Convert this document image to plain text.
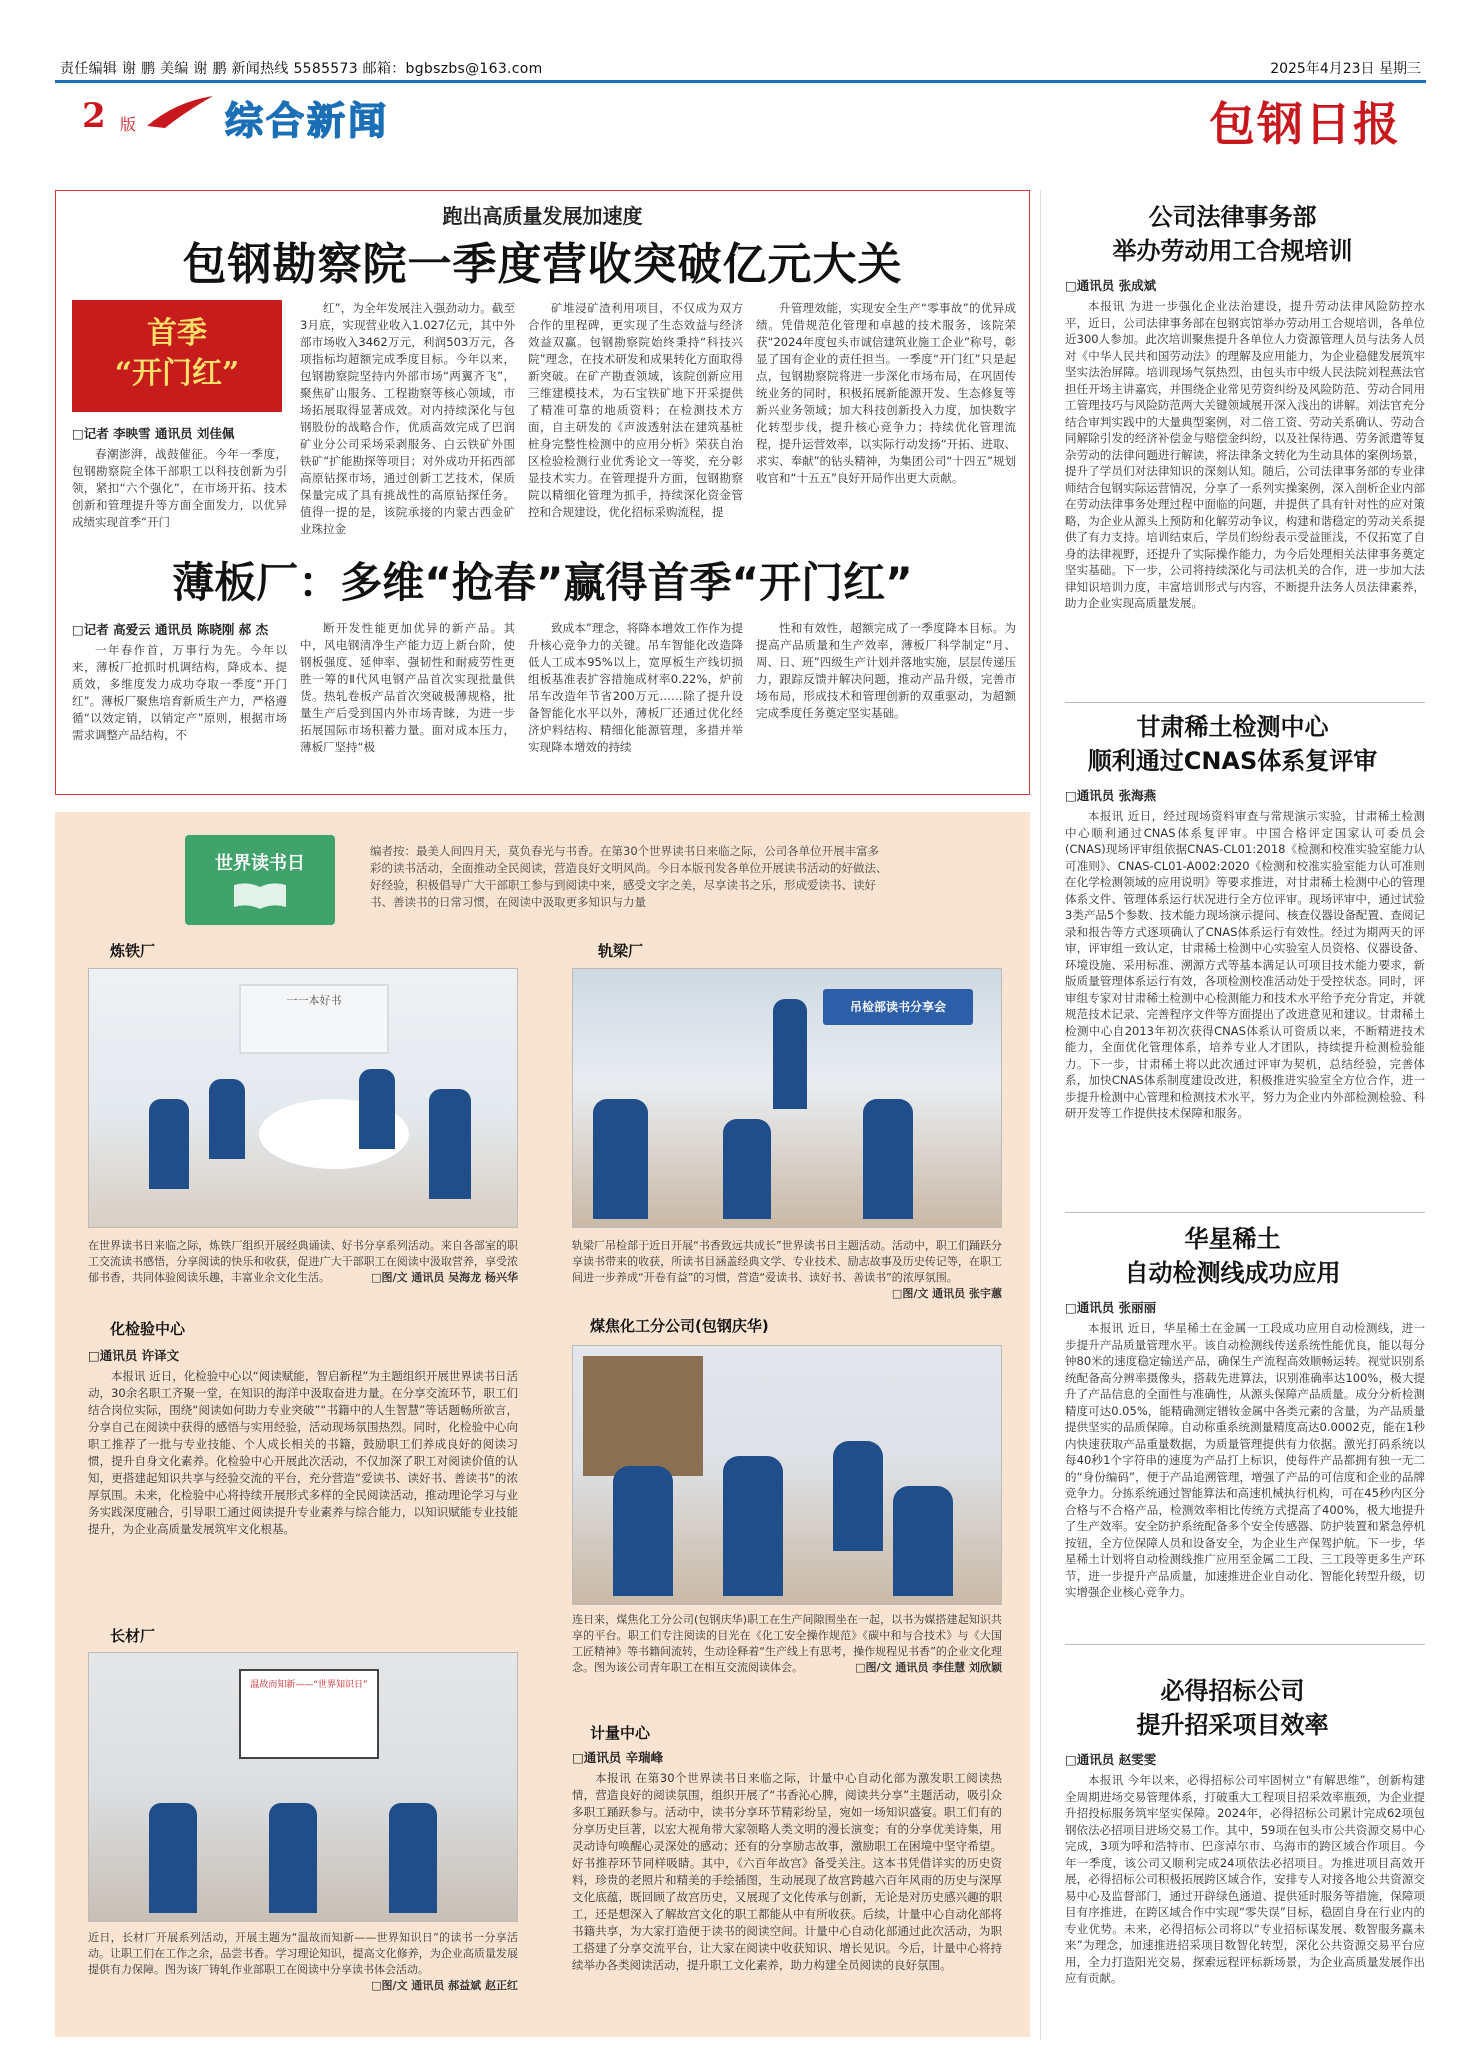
责任编辑 谢 鹏 美编 谢 鹏 新闻热线 5585573 邮箱：bgbszbs@163.com	2025年4月23日 星期三
2 版 综合新闻	包钢日报
跑出高质量发展加速度
包钢勘察院一季度营收突破亿元大关
首季
“开门红”
□记者 李映雪 通讯员 刘佳佩
春潮澎湃，战鼓催征。今年一季度，包钢勘察院全体干部职工以科技创新为引领，紧扣“六个强化”，在市场开拓、技术创新和管理提升等方面全面发力，以优异成绩实现首季“开门
红”，为全年发展注入强劲动力。截至3月底，实现营业收入1.027亿元，其中外部市场收入3462万元，利润503万元，各项指标均超额完成季度目标。今年以来，包钢勘察院坚持内外部市场“两翼齐飞”，聚焦矿山服务、工程勘察等核心领域，市场拓展取得显著成效。对内持续深化与包钢股份的战略合作，优质高效完成了巴润矿业分公司采场采剥服务、白云铁矿外围铁矿“扩能勘探等项目；对外成功开拓西部高原钻探市场，通过创新工艺技术，保质保量完成了具有挑战性的高原钻探任务。值得一提的是，该院承接的内蒙古西金矿业珠拉金
矿堆浸矿渣利用项目，不仅成为双方合作的里程碑，更实现了生态效益与经济效益双赢。包钢勘察院始终秉持“科技兴院”理念，在技术研发和成果转化方面取得新突破。在矿产勘查领域，该院创新应用三维建模技术，为石宝铁矿地下开采提供了精准可靠的地质资料；在检测技术方面，自主研发的《声波透射法在建筑基桩桩身完整性检测中的应用分析》荣获自治区检验检测行业优秀论文一等奖，充分彰显技术实力。在管理提升方面，包钢勘察院以精细化管理为抓手，持续深化资金管控和合规建设，优化招标采购流程，提
升管理效能，实现安全生产“零事故”的优异成绩。凭借规范化管理和卓越的技术服务，该院荣获“2024年度包头市诚信建筑业施工企业”称号，彰显了国有企业的责任担当。一季度“开门红”只是起点，包钢勘察院将进一步深化市场布局，在巩固传统业务的同时，积极拓展新能源开发、生态修复等新兴业务领域；加大科技创新投入力度，加快数字化转型步伐，提升核心竞争力；持续优化管理流程，提升运营效率，以实际行动发扬“开拓、进取、求实、奉献”的钻头精神，为集团公司“十四五”规划收官和“十五五”良好开局作出更大贡献。
薄板厂：多维“抢春”赢得首季“开门红”
□记者 高爱云 通讯员 陈晓刚 郝 杰
一年春作首，万事行为先。今年以来，薄板厂抢抓时机调结构，降成本、提质效，多维度发力成功夺取一季度“开门红”。薄板厂聚焦培育新质生产力，严格遵循“以效定销，以销定产”原则，根据市场需求调整产品结构，不
断开发性能更加优异的新产品。其中，风电钢清净生产能力迈上新台阶，使钢板强度、延伸率、强韧性和耐疲劳性更胜一筹的Ⅱ代风电钢产品首次实现批量供货。热轧卷板产品首次突破极薄规格，批量生产后受到国内外市场青睐，为进一步拓展国际市场积蓄力量。面对成本压力，薄板厂坚持“极
致成本”理念，将降本增效工作作为提升核心竞争力的关键。吊车智能化改造降低人工成本95%以上，宽厚板生产线切损组板基准表扩容措施成材率0.22%，炉前吊车改造年节省200万元……除了提升设备智能化水平以外，薄板厂还通过优化经济炉料结构、精细化能源管理，多措并举实现降本增效的持续
性和有效性，超额完成了一季度降本目标。为提高产品质量和生产效率，薄板厂科学制定“月、周、日、班”四级生产计划并落地实施，层层传递压力，跟踪反馈并解决问题，推动产品升级，完善市场布局，形成技术和管理创新的双重驱动，为超额完成季度任务奠定坚实基础。
世界读书日
编者按：最美人间四月天，莫负春光与书香。在第30个世界读书日来临之际，公司各单位开展丰富多彩的读书活动，全面推动全民阅读，营造良好文明风尚。今日本版刊发各单位开展读书活动的好做法、好经验，积极倡导广大干部职工参与到阅读中来，感受文字之美，尽享读书之乐，形成爱读书、读好书、善读书的日常习惯，在阅读中汲取更多知识与力量
炼铁厂
一一本好书
在世界读书日来临之际，炼铁厂组织开展经典诵读、好书分享系列活动。来自各部室的职工交流读书感悟，分享阅读的快乐和收获，促进广大干部职工在阅读中汲取营养，享受浓郁书香，共同体验阅读乐趣，丰富业余文化生活。	□图/文 通讯员 吴海龙 杨兴华
轨梁厂
吊检部读书分享会
轨梁厂吊检部于近日开展“书香致远共成长”世界读书日主题活动。活动中，职工们踊跃分享读书带来的收获，所读书目涵盖经典文学、专业技术、励志故事及历史传记等，在职工间进一步养成“开卷有益”的习惯，营造“爱读书、读好书、善读书”的浓厚氛围。
□图/文 通讯员 张宇蕙
化检验中心
□通讯员 许译文
本报讯 近日，化检验中心以“阅读赋能，智启新程”为主题组织开展世界读书日活动，30余名职工齐聚一堂，在知识的海洋中汲取奋进力量。在分享交流环节，职工们结合岗位实际，围绕“阅读如何助力专业突破”“书籍中的人生智慧”等话题畅所欲言，分享自己在阅读中获得的感悟与实用经验，活动现场氛围热烈。同时，化检验中心向职工推荐了一批与专业技能、个人成长相关的书籍，鼓励职工们养成良好的阅读习惯，提升自身文化素养。化检验中心开展此次活动，不仅加深了职工对阅读价值的认知，更搭建起知识共享与经验交流的平台，充分营造“爱读书、读好书、善读书”的浓厚氛围。未来，化检验中心将持续开展形式多样的全民阅读活动，推动理论学习与业务实践深度融合，引导职工通过阅读提升专业素养与综合能力，以知识赋能专业技能提升，为企业高质量发展筑牢文化根基。
长材厂
温故而知新——“世界知识日”
近日，长材厂开展系列活动，开展主题为“温故而知新——世界知识日”的读书一分享活动。让职工们在工作之余，品尝书香。学习理论知识，提高文化修养，为企业高质量发展提供有力保障。图为该厂铸轧作业部职工在阅读中分享读书体会活动。
□图/文 通讯员 郝益斌 赵正红
煤焦化工分公司(包钢庆华)
连日来，煤焦化工分公司(包钢庆华)职工在生产间隙围坐在一起，以书为媒搭建起知识共享的平台。职工们专注阅读的目光在《化工安全操作规范》《碳中和与合技术》与《大国工匠精神》等书籍间流转，生动诠释着“生产线上有思考，操作规程见书香”的企业文化理念。图为该公司青年职工在相互交流阅读体会。	□图/文 通讯员 李佳慧 刘欣颖
计量中心
□通讯员 辛瑞峰
本报讯 在第30个世界读书日来临之际，计量中心自动化部为激发职工阅读热情，营造良好的阅读氛围，组织开展了“书香沁心脾，阅读共分享”主题活动，吸引众多职工踊跃参与。活动中，读书分享环节精彩纷呈，宛如一场知识盛宴。职工们有的分享历史巨著，以宏大视角带大家领略人类文明的漫长演变；有的分享优美诗集，用灵动诗句唤醒心灵深处的感动；还有的分享励志故事，激励职工在困境中坚守希望。好书推荐环节同样吸睛。其中，《六百年故宫》备受关注。这本书凭借详实的历史资料，珍贵的老照片和精美的手绘插图，生动展现了故宫跨越六百年风雨的历史与深厚文化底蕴，既回顾了故宫历史，又展现了文化传承与创新，无论是对历史感兴趣的职工，还是想深入了解故宫文化的职工都能从中有所收获。后续，计量中心自动化部将书籍共享，为大家打造便于读书的阅读空间。计量中心自动化部通过此次活动，为职工搭建了分享交流平台，让大家在阅读中收获知识、增长见识。今后，计量中心将持续举办各类阅读活动，提升职工文化素养，助力构建全员阅读的良好氛围。
公司法律事务部
举办劳动用工合规培训
□通讯员 张成斌
本报讯 为进一步强化企业法治建设，提升劳动法律风险防控水平，近日，公司法律事务部在包钢宾馆举办劳动用工合规培训，各单位近300人参加。此次培训聚焦提升各单位人力资源管理人员与法务人员对《中华人民共和国劳动法》的理解及应用能力，为企业稳健发展筑牢坚实法治屏障。培训现场气氛热烈，由包头市中级人民法院刘程燕法官担任开场主讲嘉宾，并围绕企业常见劳资纠纷及风险防范、劳动合同用工管理技巧与风险防范两大关键领域展开深入浅出的讲解。刘法官充分结合审判实践中的大量典型案例，对二倍工资、劳动关系确认、劳动合同解除引发的经济补偿金与赔偿金纠纷，以及社保待遇、劳务派遣等复杂劳动的法律问题进行解读，将法律条文转化为生动具体的案例场景，提升了学员们对法律知识的深刻认知。随后，公司法律事务部的专业律师结合包钢实际运营情况，分享了一系列实操案例，深入剖析企业内部在劳动法律事务处理过程中面临的问题，并提供了具有针对性的应对策略，为企业从源头上预防和化解劳动争议，构建和谐稳定的劳动关系提供了有力支持。培训结束后，学员们纷纷表示受益匪浅，不仅拓宽了自身的法律视野，还提升了实际操作能力，为今后处理相关法律事务奠定坚实基础。下一步，公司将持续深化与司法机关的合作，进一步加大法律知识培训力度，丰富培训形式与内容，不断提升法务人员法律素养，助力企业实现高质量发展。
甘肃稀土检测中心
顺利通过CNAS体系复评审
□通讯员 张海燕
本报讯 近日，经过现场资料审查与常规演示实验，甘肃稀土检测中心顺利通过CNAS体系复评审。中国合格评定国家认可委员会(CNAS)现场评审组依据CNAS-CL01:2018《检测和校准实验室能力认可准则》、CNAS-CL01-A002:2020《检测和校准实验室能力认可准则在化学检测领域的应用说明》等要求推进，对甘肃稀土检测中心的管理体系文件、管理体系运行状况进行全方位评审。现场评审中，通过试验3类产品5个参数、技术能力现场演示提问、核查仪器设备配置、查阅记录和报告等方式逐项确认了CNAS体系运行有效性。经过为期两天的评审，评审组一致认定，甘肃稀土检测中心实验室人员资格、仪器设备、环境设施、采用标准、溯源方式等基本满足认可项目技术能力要求，新版质量管理体系运行有效，各项检测校准活动处于受控状态。同时，评审组专家对甘肃稀土检测中心检测能力和技术水平给予充分肯定，并就规范技术记录、完善程序文件等方面提出了改进意见和建议。甘肃稀土检测中心自2013年初次获得CNAS体系认可资质以来，不断精进技术能力，全面优化管理体系，培养专业人才团队，持续提升检测检验能力。下一步，甘肃稀土将以此次通过评审为契机，总结经验，完善体系，加快CNAS体系制度建设改进，积极推进实验室全方位合作，进一步提升检测中心管理和检测技术水平，努力为企业内外部检测检验、科研开发等工作提供技术保障和服务。
华星稀土
自动检测线成功应用
□通讯员 张丽丽
本报讯 近日，华星稀土在金属一工段成功应用自动检测线，进一步提升产品质量管理水平。该自动检测线传送系统性能优良，能以每分钟80米的速度稳定输送产品，确保生产流程高效顺畅运转。视觉识别系统配备高分辨率摄像头，搭载先进算法，识别准确率达100%，极大提升了产品信息的全面性与准确性，从源头保障产品质量。成分分析检测精度可达0.05%，能精确测定镨钕金属中各类元素的含量，为产品质量提供坚实的品质保障。自动称重系统测量精度高达0.0002克，能在1秒内快速获取产品重量数据，为质量管理提供有力依据。激光打码系统以每40秒1个字符串的速度为产品打上标识，使每件产品都拥有独一无二的“身份编码”，便于产品追溯管理，增强了产品的可信度和企业的品牌竞争力。分拣系统通过智能算法和高速机械执行机构，可在45秒内区分合格与不合格产品，检测效率相比传统方式提高了400%，极大地提升了生产效率。安全防护系统配备多个安全传感器、防护装置和紧急停机按钮，全方位保障人员和设备安全，为企业生产保驾护航。下一步，华星稀土计划将自动检测线推广应用至金属二工段、三工段等更多生产环节，进一步提升产品质量，加速推进企业自动化、智能化转型升级，切实增强企业核心竞争力。
必得招标公司
提升招采项目效率
□通讯员 赵雯雯
本报讯 今年以来，必得招标公司牢固树立“有解思维”，创新构建全周期进场交易管理体系，打破重大工程项目招采效率瓶颈，为企业提升招投标服务筑牢坚实保障。2024年，必得招标公司累计完成62项包钢依法必招项目进场交易工作。其中，59项在包头市公共资源交易中心完成，3项为呼和浩特市、巴彦淖尔市、乌海市的跨区域合作项目。今年一季度，该公司又顺利完成24项依法必招项目。为推进项目高效开展，必得招标公司积极拓展跨区域合作，安排专人对接各地公共资源交易中心及监督部门，通过开辟绿色通道、提供延时服务等措施，保障项目有序推进，在跨区域合作中实现“零失误”目标，稳固自身在行业内的专业优势。未来，必得招标公司将以“专业招标谋发展、数智服务赢未来”为理念，加速推进招采项目数智化转型，深化公共资源交易平台应用，全力打造阳光交易，探索远程评标新场景，为企业高质量发展作出应有贡献。
